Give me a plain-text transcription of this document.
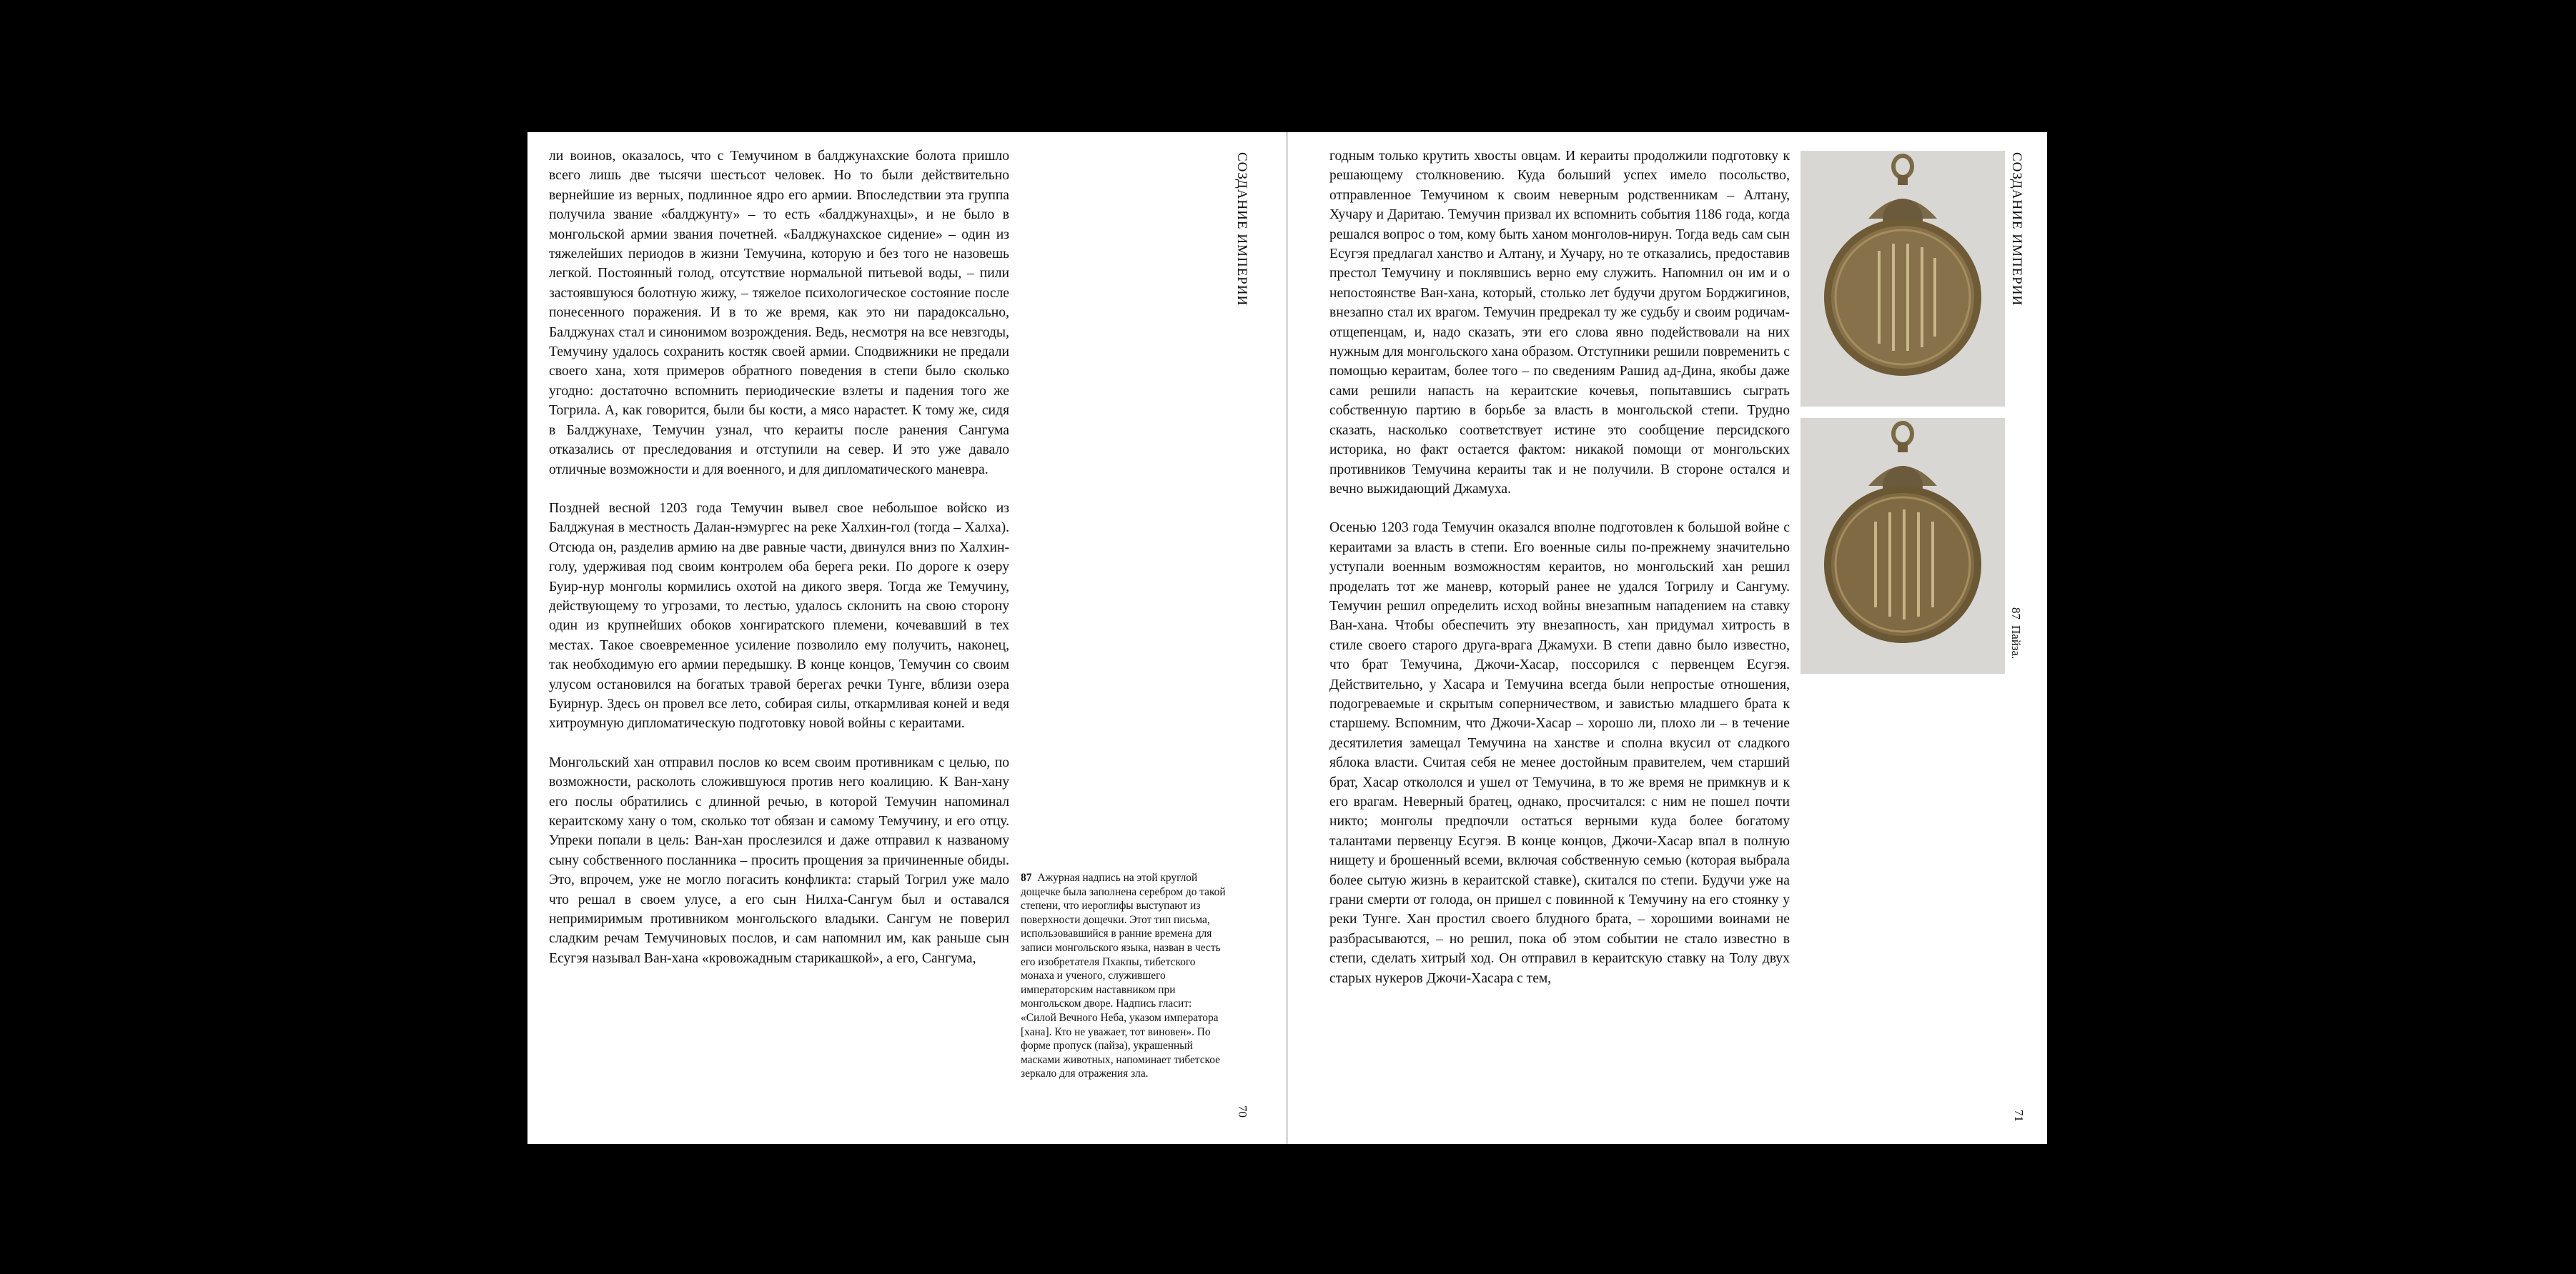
ли воинов, оказалось, что с Темучином в балджунахские болота пришло всего лишь две тысячи шестьсот человек. Но то были действительно вернейшие из верных, подлинное ядро его армии. Впоследствии эта группа получила звание «балджунту» – то есть «балджунахцы», и не было в монгольской армии звания почетней. «Балджунахское сидение» – один из тяжелейших периодов в жизни Темучина, которую и без того не назовешь легкой. Постоянный голод, отсутствие нормальной питьевой воды, – пили застоявшуюся болотную жижу, – тяжелое психологическое состояние после понесенного поражения. И в то же время, как это ни парадоксально, Балджунах стал и синонимом возрождения. Ведь, несмотря на все невзгоды, Темучину удалось сохранить костяк своей армии. Сподвижники не предали своего хана, хотя примеров обратного поведения в степи было сколько угодно: достаточно вспомнить периодические взлеты и падения того же Тогрила. А, как говорится, были бы кости, а мясо нарастет. К тому же, сидя в Балджунахе, Темучин узнал, что кераиты после ранения Сангума отказались от преследования и отступили на север. И это уже давало отличные возможности и для военного, и для дипломатического маневра.

Поздней весной 1203 года Темучин вывел свое небольшое войско из Балджуная в местность Далан-нэмургес на реке Халхин-гол (тогда – Халха). Отсюда он, разделив армию на две равные части, двинулся вниз по Халхин-голу, удерживая под своим контролем оба берега реки. По дороге к озеру Буир-нур монголы кормились охотой на дикого зверя. Тогда же Темучину, действующему то угрозами, то лестью, удалось склонить на свою сторону один из крупнейших обоков хонгиратского племени, кочевавший в тех местах. Такое своевременное усиление позволило ему получить, наконец, так необходимую его армии передышку. В конце концов, Темучин со своим улусом остановился на богатых травой берегах речки Тунге, вблизи озера Буирнур. Здесь он провел все лето, собирая силы, откармливая коней и ведя хитроумную дипломатическую подготовку новой войны с кераитами.

Монгольский хан отправил послов ко всем своим противникам с целью, по возможности, расколоть сложившуюся против него коалицию. К Ван-хану его послы обратились с длинной речью, в которой Темучин напоминал кераитскому хану о том, сколько тот обязан и самому Темучину, и его отцу. Упреки попали в цель: Ван-хан прослезился и даже отправил к названому сыну собственного посланника – просить прощения за причиненные обиды. Это, впрочем, уже не могло погасить конфликта: старый Тогрил уже мало что решал в своем улусе, а его сын Нилха-Сангум был и оставался непримиримым противником монгольского владыки. Сангум не поверил сладким речам Темучиновых послов, и сам напомнил им, как раньше сын Есугэя называл Ван-хана «кровожадным старикашкой», а его, Сангума,

87 Ажурная надпись на этой круглой дощечке была заполнена серебром до такой степени, что иероглифы выступают из поверхности дощечки. Этот тип письма, использовавшийся в ранние времена для записи монгольского языка, назван в честь его изобретателя Пхакпы, тибетского монаха и ученого, служившего императорским наставником при монгольском дворе. Надпись гласит: «Силой Вечного Неба, указом императора [хана]. Кто не уважает, тот виновен». По форме пропуск (пайза), украшенный масками животных, напоминает тибетское зеркало для отражения зла.
СОЗДАНИЕ ИМПЕРИИ
70

годным только крутить хвосты овцам. И кераиты продолжили подготовку к решающему столкновению. Куда больший успех имело посольство, отправленное Темучином к своим неверным родственникам – Алтану, Хучару и Даритаю. Темучин призвал их вспомнить события 1186 года, когда решался вопрос о том, кому быть ханом монголов-нирун. Тогда ведь сам сын Есугэя предлагал ханство и Алтану, и Хучару, но те отказались, предоставив престол Темучину и поклявшись верно ему служить. Напомнил он им и о непостоянстве Ван-хана, который, столько лет будучи другом Борджигинов, внезапно стал их врагом. Темучин предрекал ту же судьбу и своим родичам-отщепенцам, и, надо сказать, эти его слова явно подействовали на них нужным для монгольского хана образом. Отступники решили повременить с помощью кераитам, более того – по сведениям Рашид ад-Дина, якобы даже сами решили напасть на кераитские кочевья, попытавшись сыграть собственную партию в борьбе за власть в монгольской степи. Трудно сказать, насколько соответствует истине это сообщение персидского историка, но факт остается фактом: никакой помощи от монгольских противников Темучина кераиты так и не получили. В стороне остался и вечно выжидающий Джамуха.

Осенью 1203 года Темучин оказался вполне подготовлен к большой войне с кераитами за власть в степи. Его военные силы по-прежнему значительно уступали военным возможностям кераитов, но монгольский хан решил проделать тот же маневр, который ранее не удался Тогрилу и Сангуму. Темучин решил определить исход войны внезапным нападением на ставку Ван-хана. Чтобы обеспечить эту внезапность, хан придумал хитрость в стиле своего старого друга-врага Джамухи. В степи давно было известно, что брат Темучина, Джочи-Хасар, поссорился с первенцем Есугэя. Действительно, у Хасара и Темучина всегда были непростые отношения, подогреваемые и скрытым соперничеством, и завистью младшего брата к старшему. Вспомним, что Джочи-Хасар – хорошо ли, плохо ли – в течение десятилетия замещал Темучина на ханстве и сполна вкусил от сладкого яблока власти. Считая себя не менее достойным правителем, чем старший брат, Хасар откололся и ушел от Темучина, в то же время не примкнув и к его врагам. Неверный братец, однако, просчитался: с ним не пошел почти никто; монголы предпочли остаться верными куда более богатому талантами первенцу Есугэя. В конце концов, Джочи-Хасар впал в полную нищету и брошенный всеми, включая собственную семью (которая выбрала более сытую жизнь в кераитской ставке), скитался по степи. Будучи уже на грани смерти от голода, он пришел с повинной к Темучину на его стоянку у реки Тунге. Хан простил своего блудного брата, – хорошими воинами не разбрасываются, – но решил, пока об этом событии не стало известно в степи, сделать хитрый ход. Он отправил в кераитскую ставку на Толу двух старых нукеров Джочи-Хасара с тем,

СОЗДАНИЕ ИМПЕРИИ
87Пайза.
71
